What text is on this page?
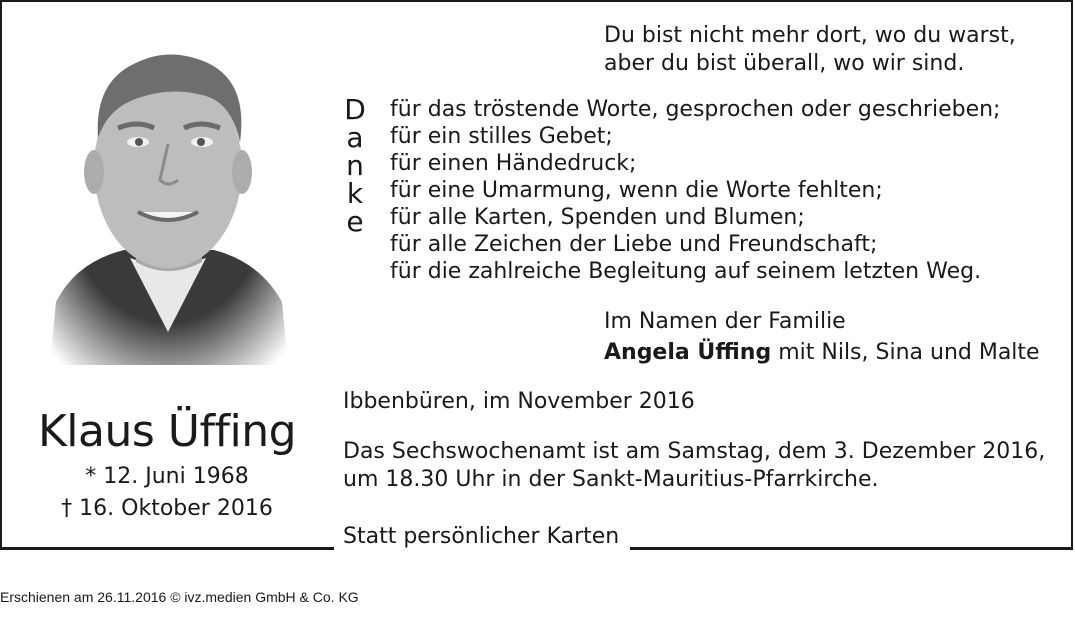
Klaus Üffing
* 12. Juni 1968
† 16. Oktober 2016
Du bist nicht mehr dort, wo du warst,
aber du bist überall, wo wir sind.
D
a
n
k
e
für das tröstende Worte, gesprochen oder geschrieben;
für ein stilles Gebet;
für einen Händedruck;
für eine Umarmung, wenn die Worte fehlten;
für alle Karten, Spenden und Blumen;
für alle Zeichen der Liebe und Freundschaft;
für die zahlreiche Begleitung auf seinem letzten Weg.
Im Namen der Familie
Angela Üffing mit Nils, Sina und Malte
Ibbenbüren, im November 2016
Das Sechswochenamt ist am Samstag, dem 3. Dezember 2016,
um 18.30 Uhr in der Sankt-Mauritius-Pfarrkirche.
Statt persönlicher Karten
Erschienen am 26.11.2016 © ivz.medien GmbH & Co. KG
